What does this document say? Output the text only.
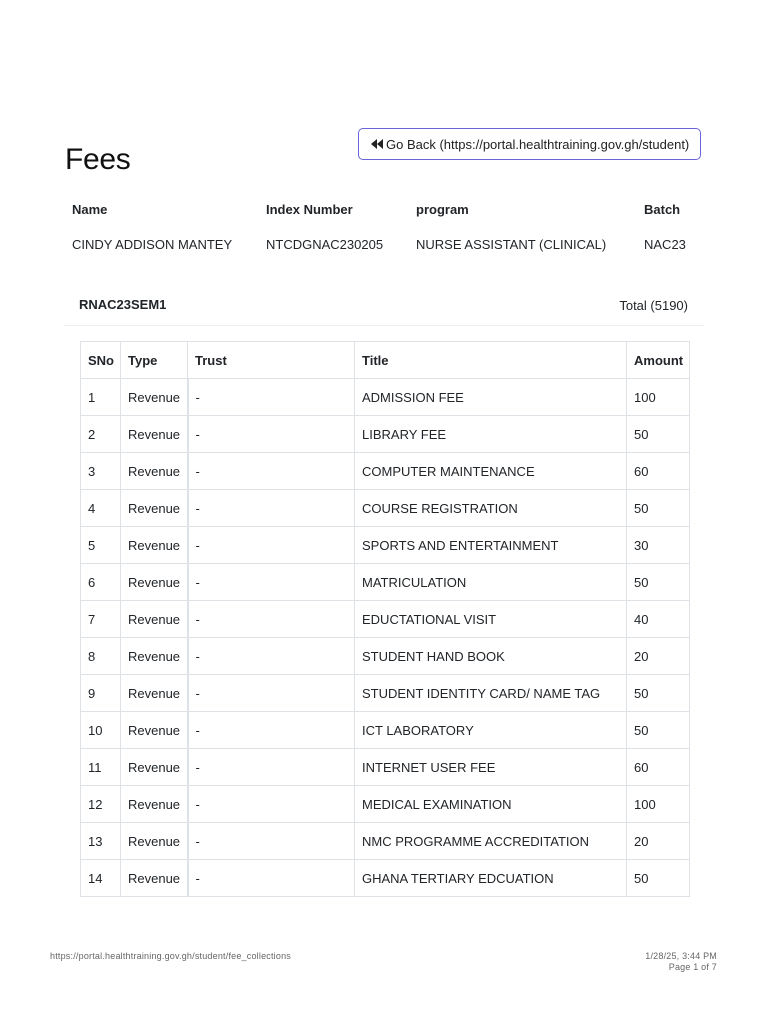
Fees	Go Back (https://portal.healthtraining.gov.gh/student)
Name	Index Number	program	Batch
CINDY ADDISON MANTEY	NTCDGNAC230205	NURSE ASSISTANT (CLINICAL)	NAC23
RNAC23SEM1	Total (5190)
SNo	Type	Trust	Title	Amount
1	Revenue	-	ADMISSION FEE	100
2	Revenue	-	LIBRARY FEE	50
3	Revenue	-	COMPUTER MAINTENANCE	60
4	Revenue	-	COURSE REGISTRATION	50
5	Revenue	-	SPORTS AND ENTERTAINMENT	30
6	Revenue	-	MATRICULATION	50
7	Revenue	-	EDUCTATIONAL VISIT	40
8	Revenue	-	STUDENT HAND BOOK	20
9	Revenue	-	STUDENT IDENTITY CARD/ NAME TAG	50
10	Revenue	-	ICT LABORATORY	50
11	Revenue	-	INTERNET USER FEE	60
12	Revenue	-	MEDICAL EXAMINATION	100
13	Revenue	-	NMC PROGRAMME ACCREDITATION	20
14	Revenue	-	GHANA TERTIARY EDCUATION	50
https://portal.healthtraining.gov.gh/student/fee_collections	1/28/25, 3:44 PM
Page 1 of 7
